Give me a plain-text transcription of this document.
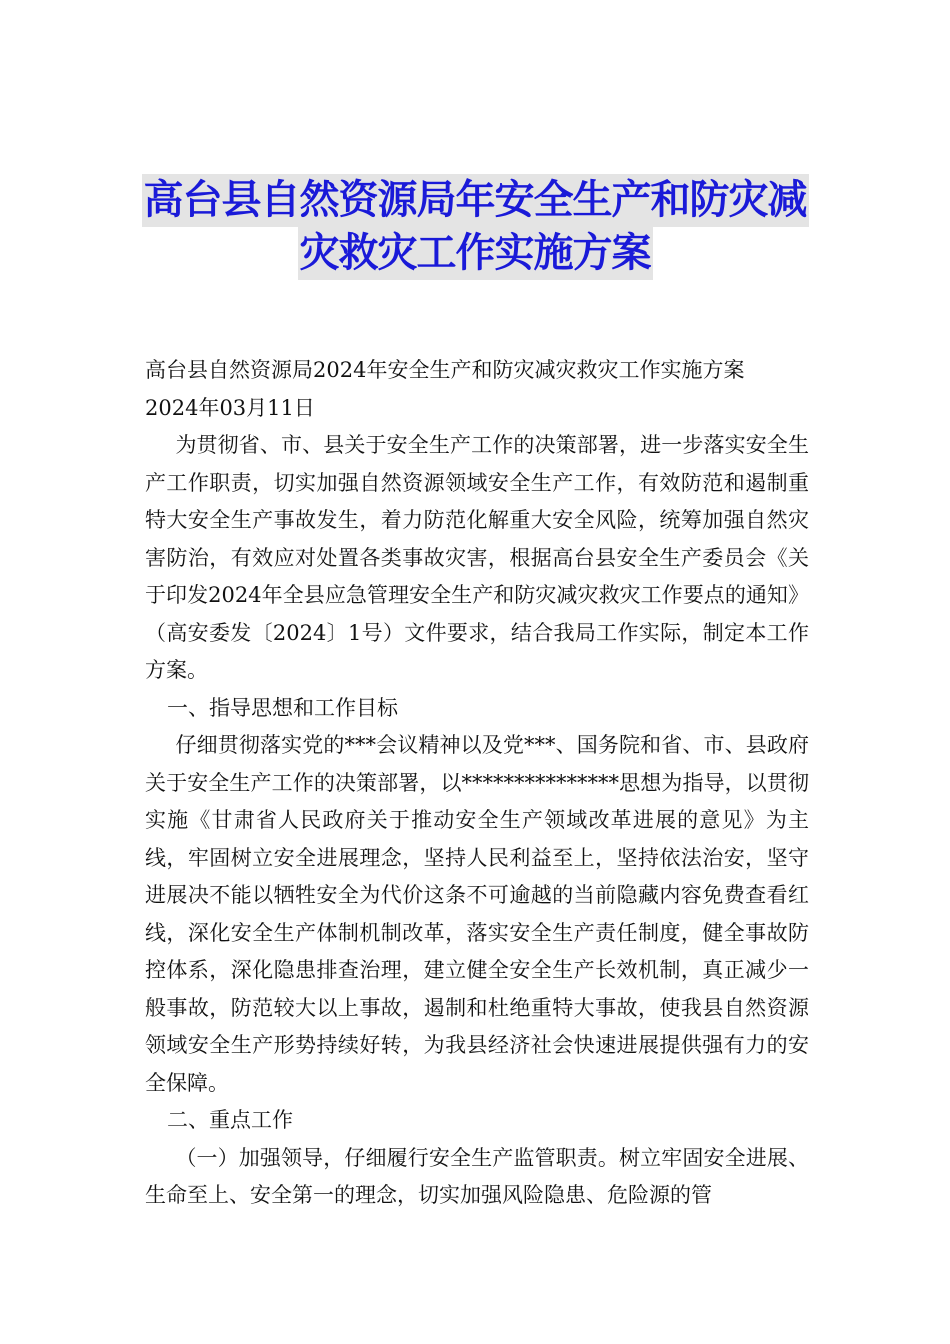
高台县自然资源局年安全生产和防灾减
灾救灾工作实施方案

高台县自然资源局2024年安全生产和防灾减灾救灾工作实施方案

2024年03月11日

为贯彻省、市、县关于安全生产工作的决策部署，进一步落实安全生产工作职责，切实加强自然资源领域安全生产工作，有效防范和遏制重特大安全生产事故发生，着力防范化解重大安全风险，统筹加强自然灾害防治，有效应对处置各类事故灾害，根据高台县安全生产委员会《关于印发2024年全县应急管理安全生产和防灾减灾救灾工作要点的通知》（高安委发〔2024〕1号）文件要求，结合我局工作实际，制定本工作方案。

一、指导思想和工作目标

仔细贯彻落实党的***会议精神以及党***、国务院和省、市、县政府关于安全生产工作的决策部署，以***************思想为指导，以贯彻实施《甘肃省人民政府关于推动安全生产领域改革进展的意见》为主线，牢固树立安全进展理念，坚持人民利益至上，坚持依法治安，坚守进展决不能以牺牲安全为代价这条不可逾越的当前隐藏内容免费查看红线，深化安全生产体制机制改革，落实安全生产责任制度，健全事故防控体系，深化隐患排查治理，建立健全安全生产长效机制，真正减少一般事故，防范较大以上事故，遏制和杜绝重特大事故，使我县自然资源领域安全生产形势持续好转，为我县经济社会快速进展提供强有力的安全保障。

二、重点工作

（一）加强领导，仔细履行安全生产监管职责。树立牢固安全进展、生命至上、安全第一的理念，切实加强风险隐患、危险源的管
